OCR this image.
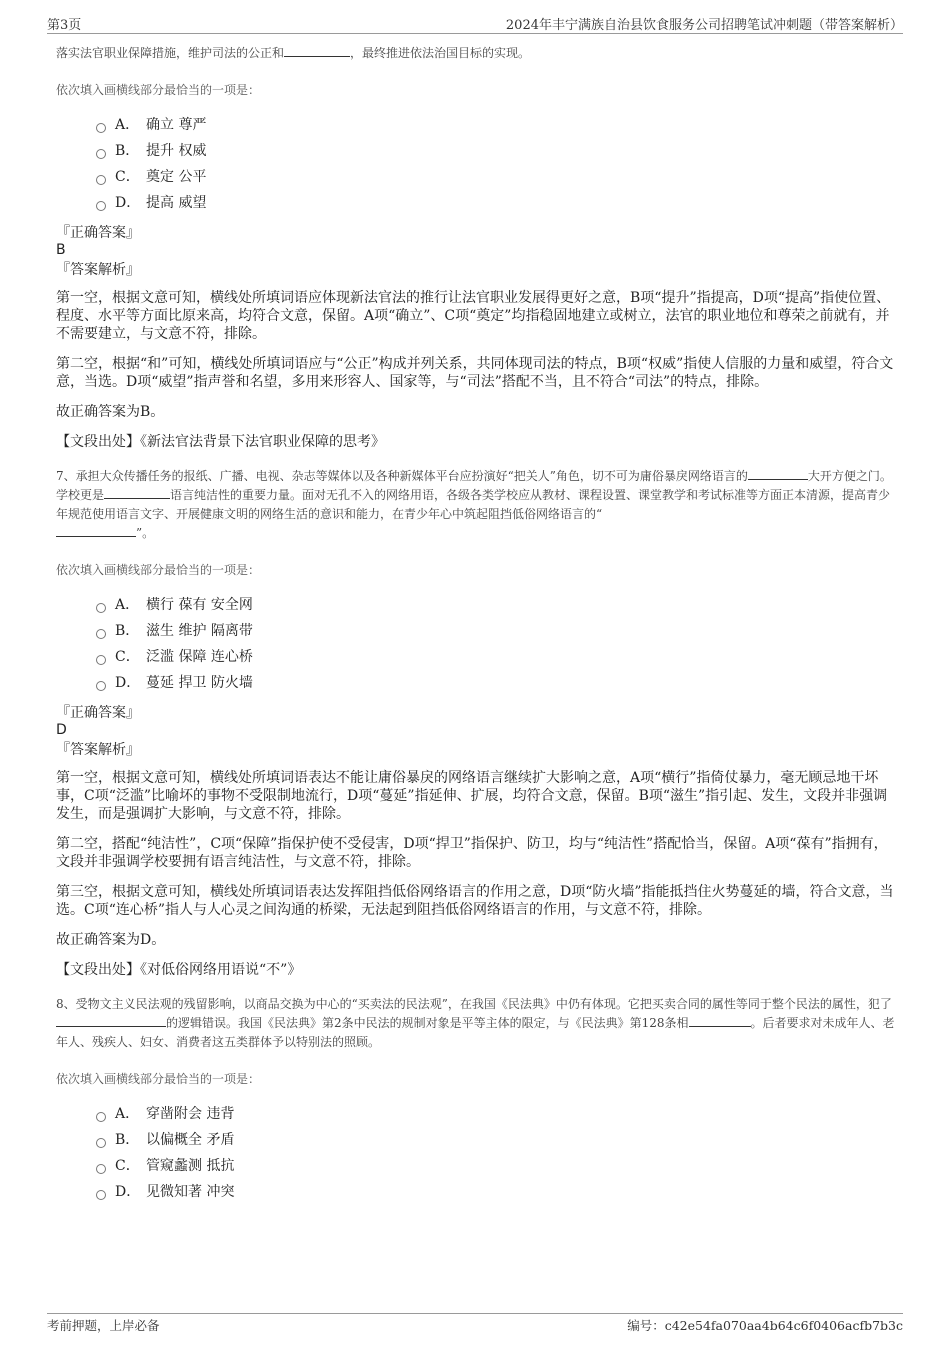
第3页	2024年丰宁满族自治县饮食服务公司招聘笔试冲刺题（带答案解析）

落实法官职业保障措施，维护司法的公正和	，最终推进依法治国目标的实现。

依次填入画横线部分最恰当的一项是：

A． 确立 尊严
B． 提升 权威
C． 奠定 公平
D． 提高 威望

『正确答案』

B

『答案解析』

第一空，根据文意可知，横线处所填词语应体现新法官法的推行让法官职业发展得更好之意，B项“提升”指提高，D项“提高”指使位置、程度、水平等方面比原来高，均符合文意，保留。A项“确立”、C项“奠定”均指稳固地建立或树立，法官的职业地位和尊荣之前就有，并不需要建立，与文意不符，排除。

第二空，根据“和”可知，横线处所填词语应与“公正”构成并列关系，共同体现司法的特点，B项“权威”指使人信服的力量和威望，符合文意，当选。D项“威望”指声誉和名望，多用来形容人、国家等，与“司法”搭配不当，且不符合“司法”的特点，排除。

故正确答案为B。

【文段出处】《新法官法背景下法官职业保障的思考》

7、承担大众传播任务的报纸、广播、电视、杂志等媒体以及各种新媒体平台应扮演好“把关人”角色，切不可为庸俗暴戾网络语言的	大开方便之门。学校更是	语言纯洁性的重要力量。面对无孔不入的网络用语，各级各类学校应从教材、课程设置、课堂教学和考试标准等方面正本清源，提高青少年规范使用语言文字、开展健康文明的网络生活的意识和能力，在青少年心中筑起阻挡低俗网络语言的“
”。

依次填入画横线部分最恰当的一项是：

A． 横行 葆有 安全网
B． 滋生 维护 隔离带
C． 泛滥 保障 连心桥
D． 蔓延 捍卫 防火墙

『正确答案』

D

『答案解析』

第一空，根据文意可知，横线处所填词语表达不能让庸俗暴戾的网络语言继续扩大影响之意，A项“横行”指倚仗暴力，毫无顾忌地干坏事，C项“泛滥”比喻坏的事物不受限制地流行，D项“蔓延”指延伸、扩展，均符合文意，保留。B项“滋生”指引起、发生，文段并非强调发生，而是强调扩大影响，与文意不符，排除。

第二空，搭配“纯洁性”，C项“保障”指保护使不受侵害，D项“捍卫”指保护、防卫，均与“纯洁性”搭配恰当，保留。A项“葆有”指拥有，文段并非强调学校要拥有语言纯洁性，与文意不符，排除。

第三空，根据文意可知，横线处所填词语表达发挥阻挡低俗网络语言的作用之意，D项“防火墙”指能抵挡住火势蔓延的墙，符合文意，当选。C项“连心桥”指人与人心灵之间沟通的桥梁，无法起到阻挡低俗网络语言的作用，与文意不符，排除。

故正确答案为D。

【文段出处】《对低俗网络用语说“不”》

8、受物文主义民法观的残留影响，以商品交换为中心的“买卖法的民法观”，在我国《民法典》中仍有体现。它把买卖合同的属性等同于整个民法的属性，犯了的逻辑错误。我国《民法典》第2条中民法的规制对象是平等主体的限定，与《民法典》第128条相	。后者要求对未成年人、老年人、残疾人、妇女、消费者这五类群体予以特别法的照顾。

依次填入画横线部分最恰当的一项是：

A． 穿凿附会 违背
B． 以偏概全 矛盾
C． 管窥蠡测 抵抗
D． 见微知著 冲突
考前押题，上岸必备	编号：c42e54fa070aa4b64c6f0406acfb7b3c
